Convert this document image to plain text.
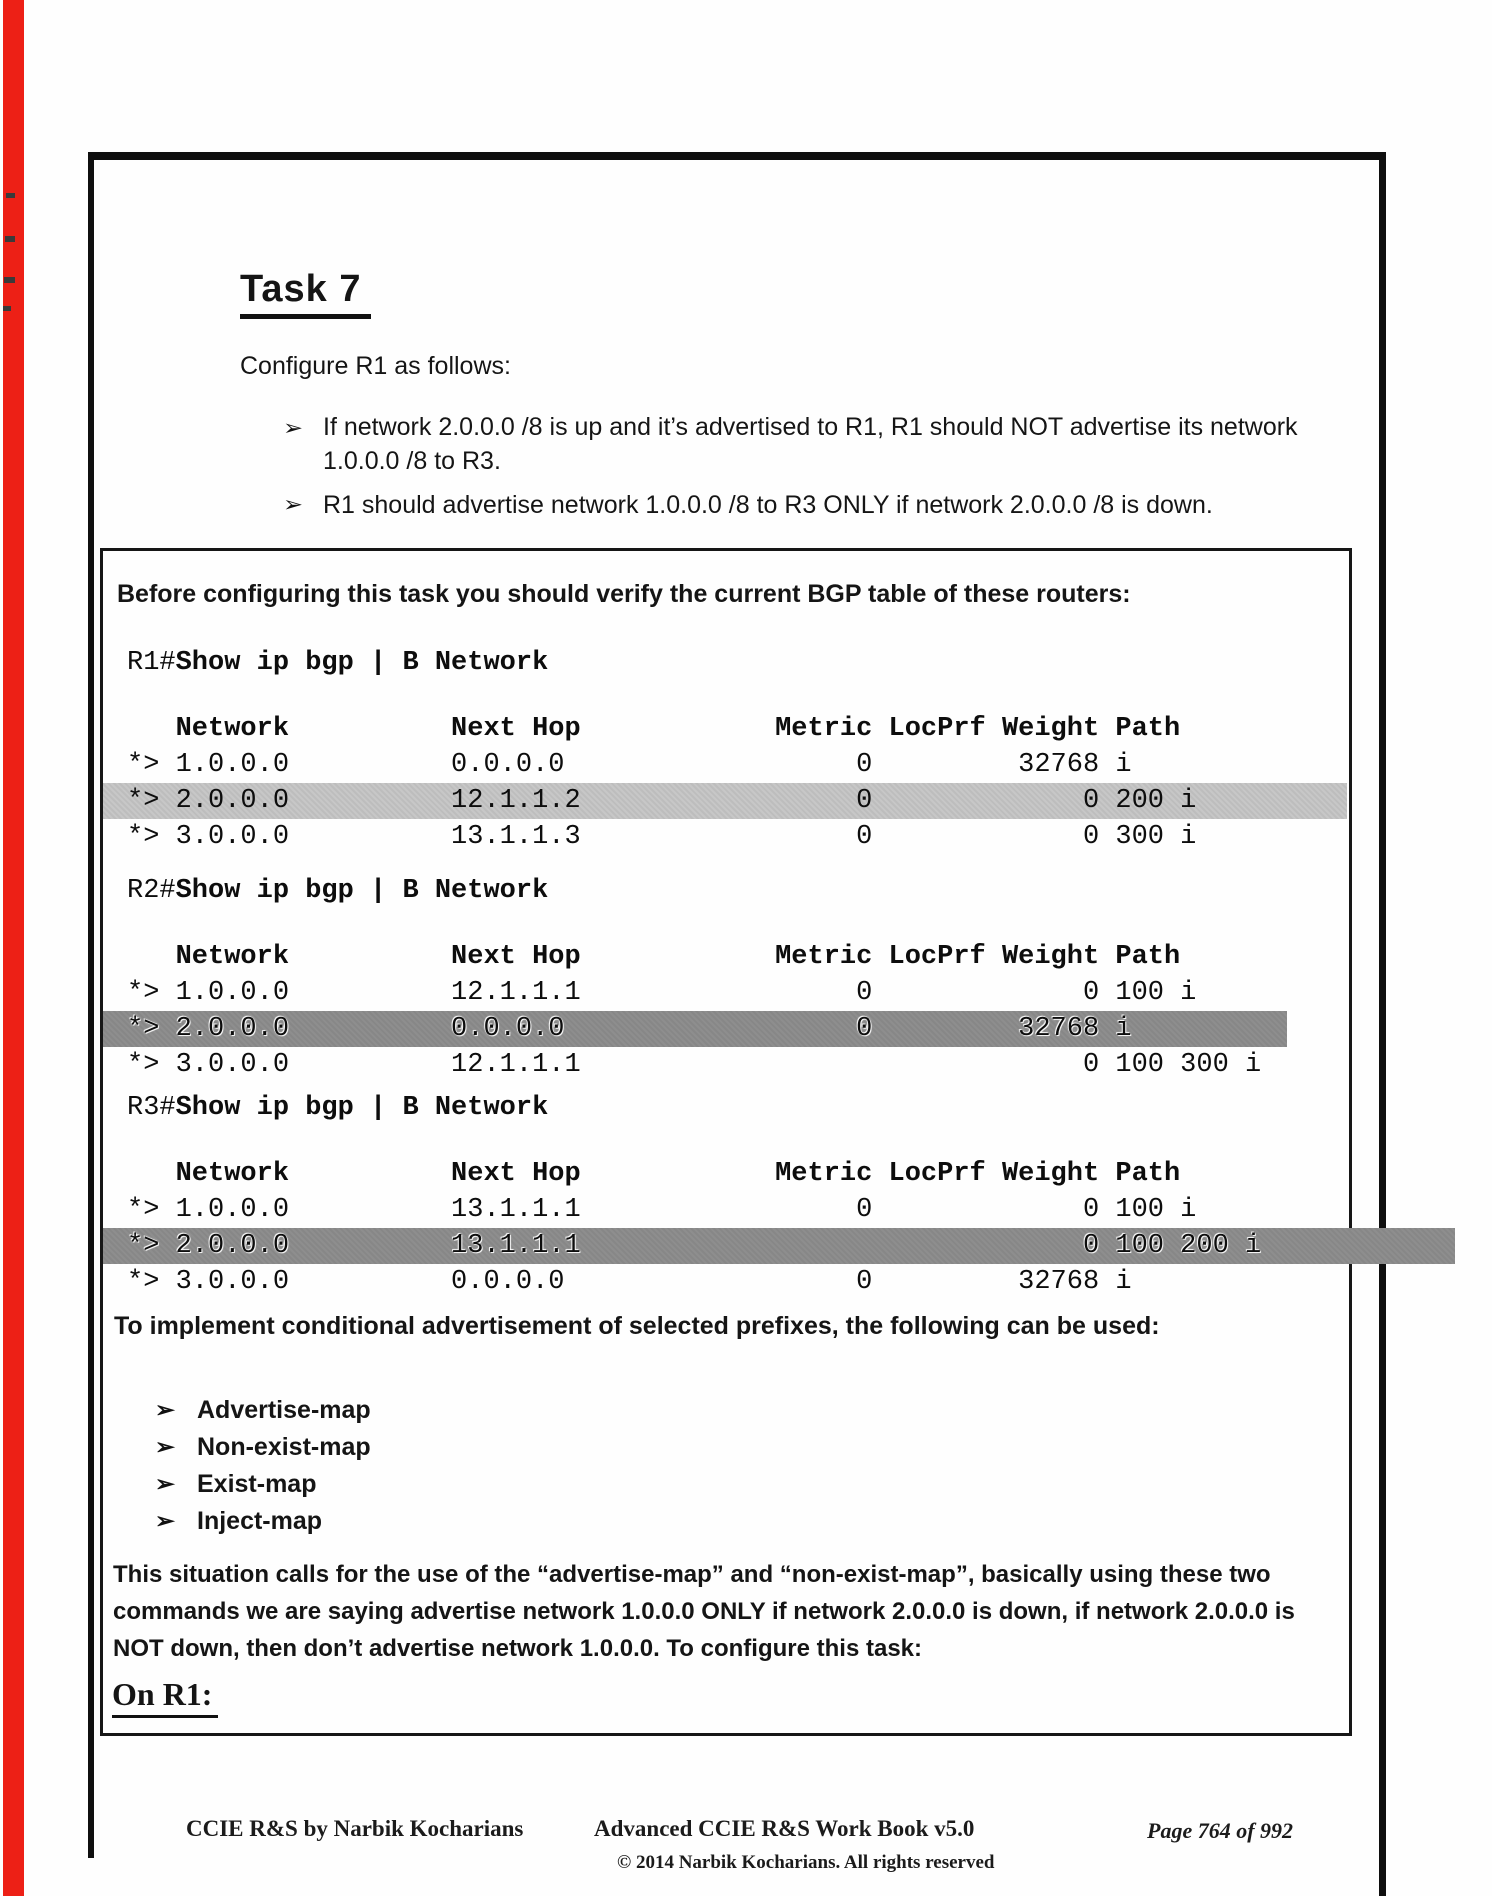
Task 7
Configure R1 as follows:
➢ If network 2.0.0.0 /8 is up and it’s advertised to R1, R1 should NOT advertise its network 1.0.0.0 /8 to R3.
➢ R1 should advertise network 1.0.0.0 /8 to R3 ONLY if network 2.0.0.0 /8 is down.
Before configuring this task you should verify the current BGP table of these routers:
R1#Show ip bgp | B Network
Network          Next Hop            Metric LocPrf Weight Path
*> 1.0.0.0          0.0.0.0                  0         32768 i
*> 2.0.0.0          12.1.1.2                 0             0 200 i
*> 3.0.0.0          13.1.1.3                 0             0 300 i
R2#Show ip bgp | B Network
Network          Next Hop            Metric LocPrf Weight Path
*> 1.0.0.0          12.1.1.1                 0             0 100 i
*> 2.0.0.0          0.0.0.0                  0         32768 i
*> 3.0.0.0          12.1.1.1                               0 100 300 i
R3#Show ip bgp | B Network
Network          Next Hop            Metric LocPrf Weight Path
*> 1.0.0.0          13.1.1.1                 0             0 100 i
*> 2.0.0.0          13.1.1.1                               0 100 200 i
*> 3.0.0.0          0.0.0.0                  0         32768 i
To implement conditional advertisement of selected prefixes, the following can be used:
➢ Advertise-map
➢ Non-exist-map
➢ Exist-map
➢ Inject-map
This situation calls for the use of the “advertise-map” and “non-exist-map”, basically using these two commands we are saying advertise network 1.0.0.0 ONLY if network 2.0.0.0 is down, if network 2.0.0.0 is NOT down, then don’t advertise network 1.0.0.0. To configure this task:
On R1:
CCIE R&S by Narbik Kocharians	Advanced CCIE R&S Work Book v5.0
© 2014 Narbik Kocharians. All rights reserved
Page 764 of 992
